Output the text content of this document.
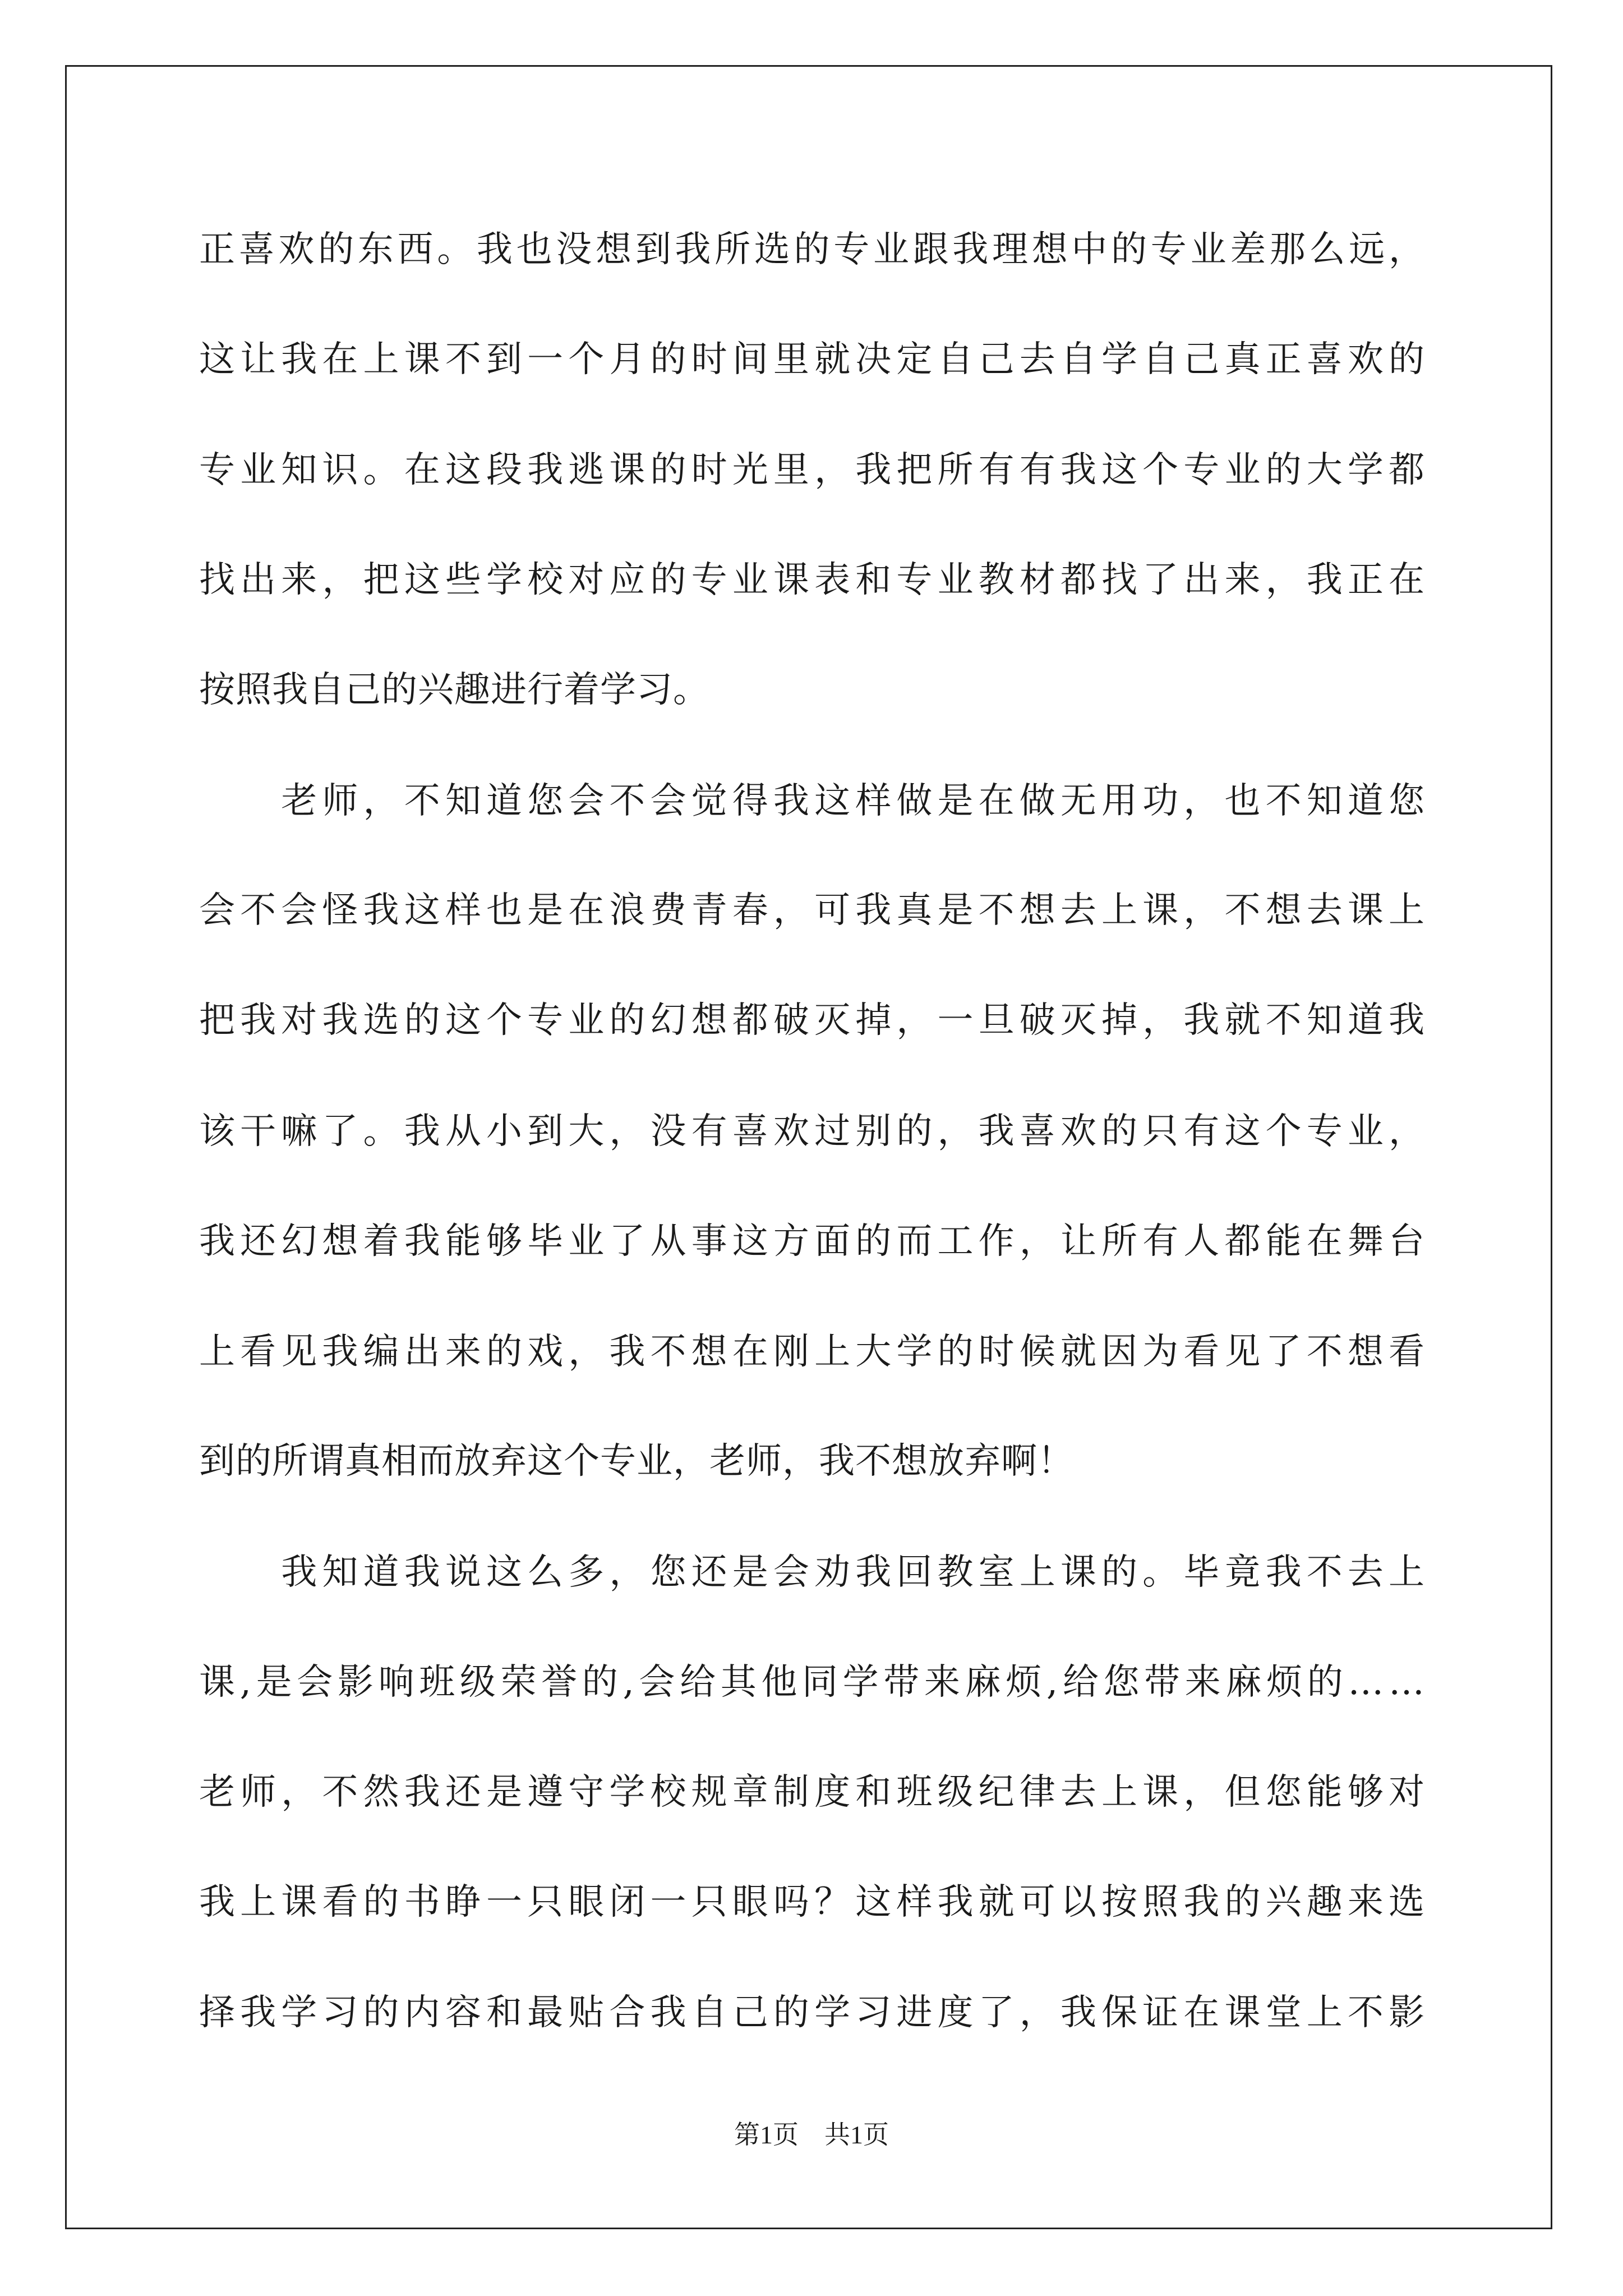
正喜欢的东西。我也没想到我所选的专业跟我理想中的专业差那么远，
这让我在上课不到一个月的时间里就决定自己去自学自己真正喜欢的
专业知识。在这段我逃课的时光里，我把所有有我这个专业的大学都
找出来，把这些学校对应的专业课表和专业教材都找了出来，我正在
按照我自己的兴趣进行着学习。
　　老师，不知道您会不会觉得我这样做是在做无用功，也不知道您
会不会怪我这样也是在浪费青春，可我真是不想去上课，不想去课上
把我对我选的这个专业的幻想都破灭掉，一旦破灭掉，我就不知道我
该干嘛了。我从小到大，没有喜欢过别的，我喜欢的只有这个专业，
我还幻想着我能够毕业了从事这方面的而工作，让所有人都能在舞台
上看见我编出来的戏，我不想在刚上大学的时候就因为看见了不想看
到的所谓真相而放弃这个专业，老师，我不想放弃啊！
　　我知道我说这么多，您还是会劝我回教室上课的。毕竟我不去上
课,是会影响班级荣誉的,会给其他同学带来麻烦,给您带来麻烦的……
老师，不然我还是遵守学校规章制度和班级纪律去上课，但您能够对
我上课看的书睁一只眼闭一只眼吗？这样我就可以按照我的兴趣来选
择我学习的内容和最贴合我自己的学习进度了，我保证在课堂上不影
第1页　共1页
